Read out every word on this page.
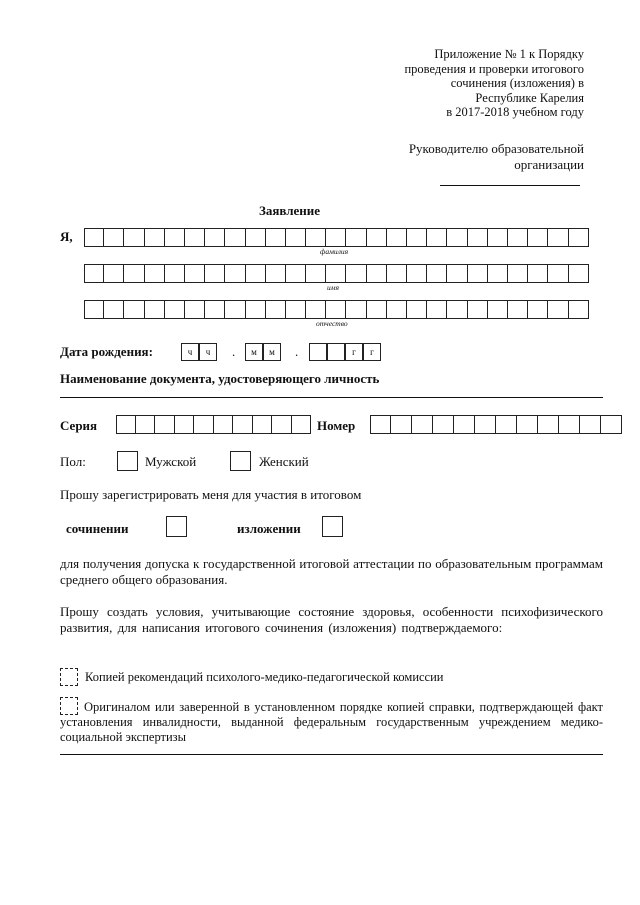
Приложение № 1 к Порядку
проведения и проверки итогового
сочинения (изложения) в
Республике Карелия
в 2017-2018 учебном году
Руководителю образовательной
организации
Заявление
Я,
фамилия
имя
отчество
Дата рождения:	ч	ч	.	м	м	.	г	г
Наименование документа, удостоверяющего личность
Серия	Номер
Пол:	Мужской	Женский
Прошу зарегистрировать меня для участия в итоговом
сочинении	изложении
для получения допуска к государственной итоговой аттестации по образовательным программам среднего общего образования.
Прошу создать условия, учитывающие состояние здоровья, особенности психофизического развития, для написания итогового сочинения (изложения) подтверждаемого:
Копией рекомендаций психолого-медико-педагогической комиссии
Оригиналом или заверенной в установленном порядке копией справки, подтверждающей факт установления инвалидности, выданной федеральным государственным учреждением медико-социальной экспертизы
